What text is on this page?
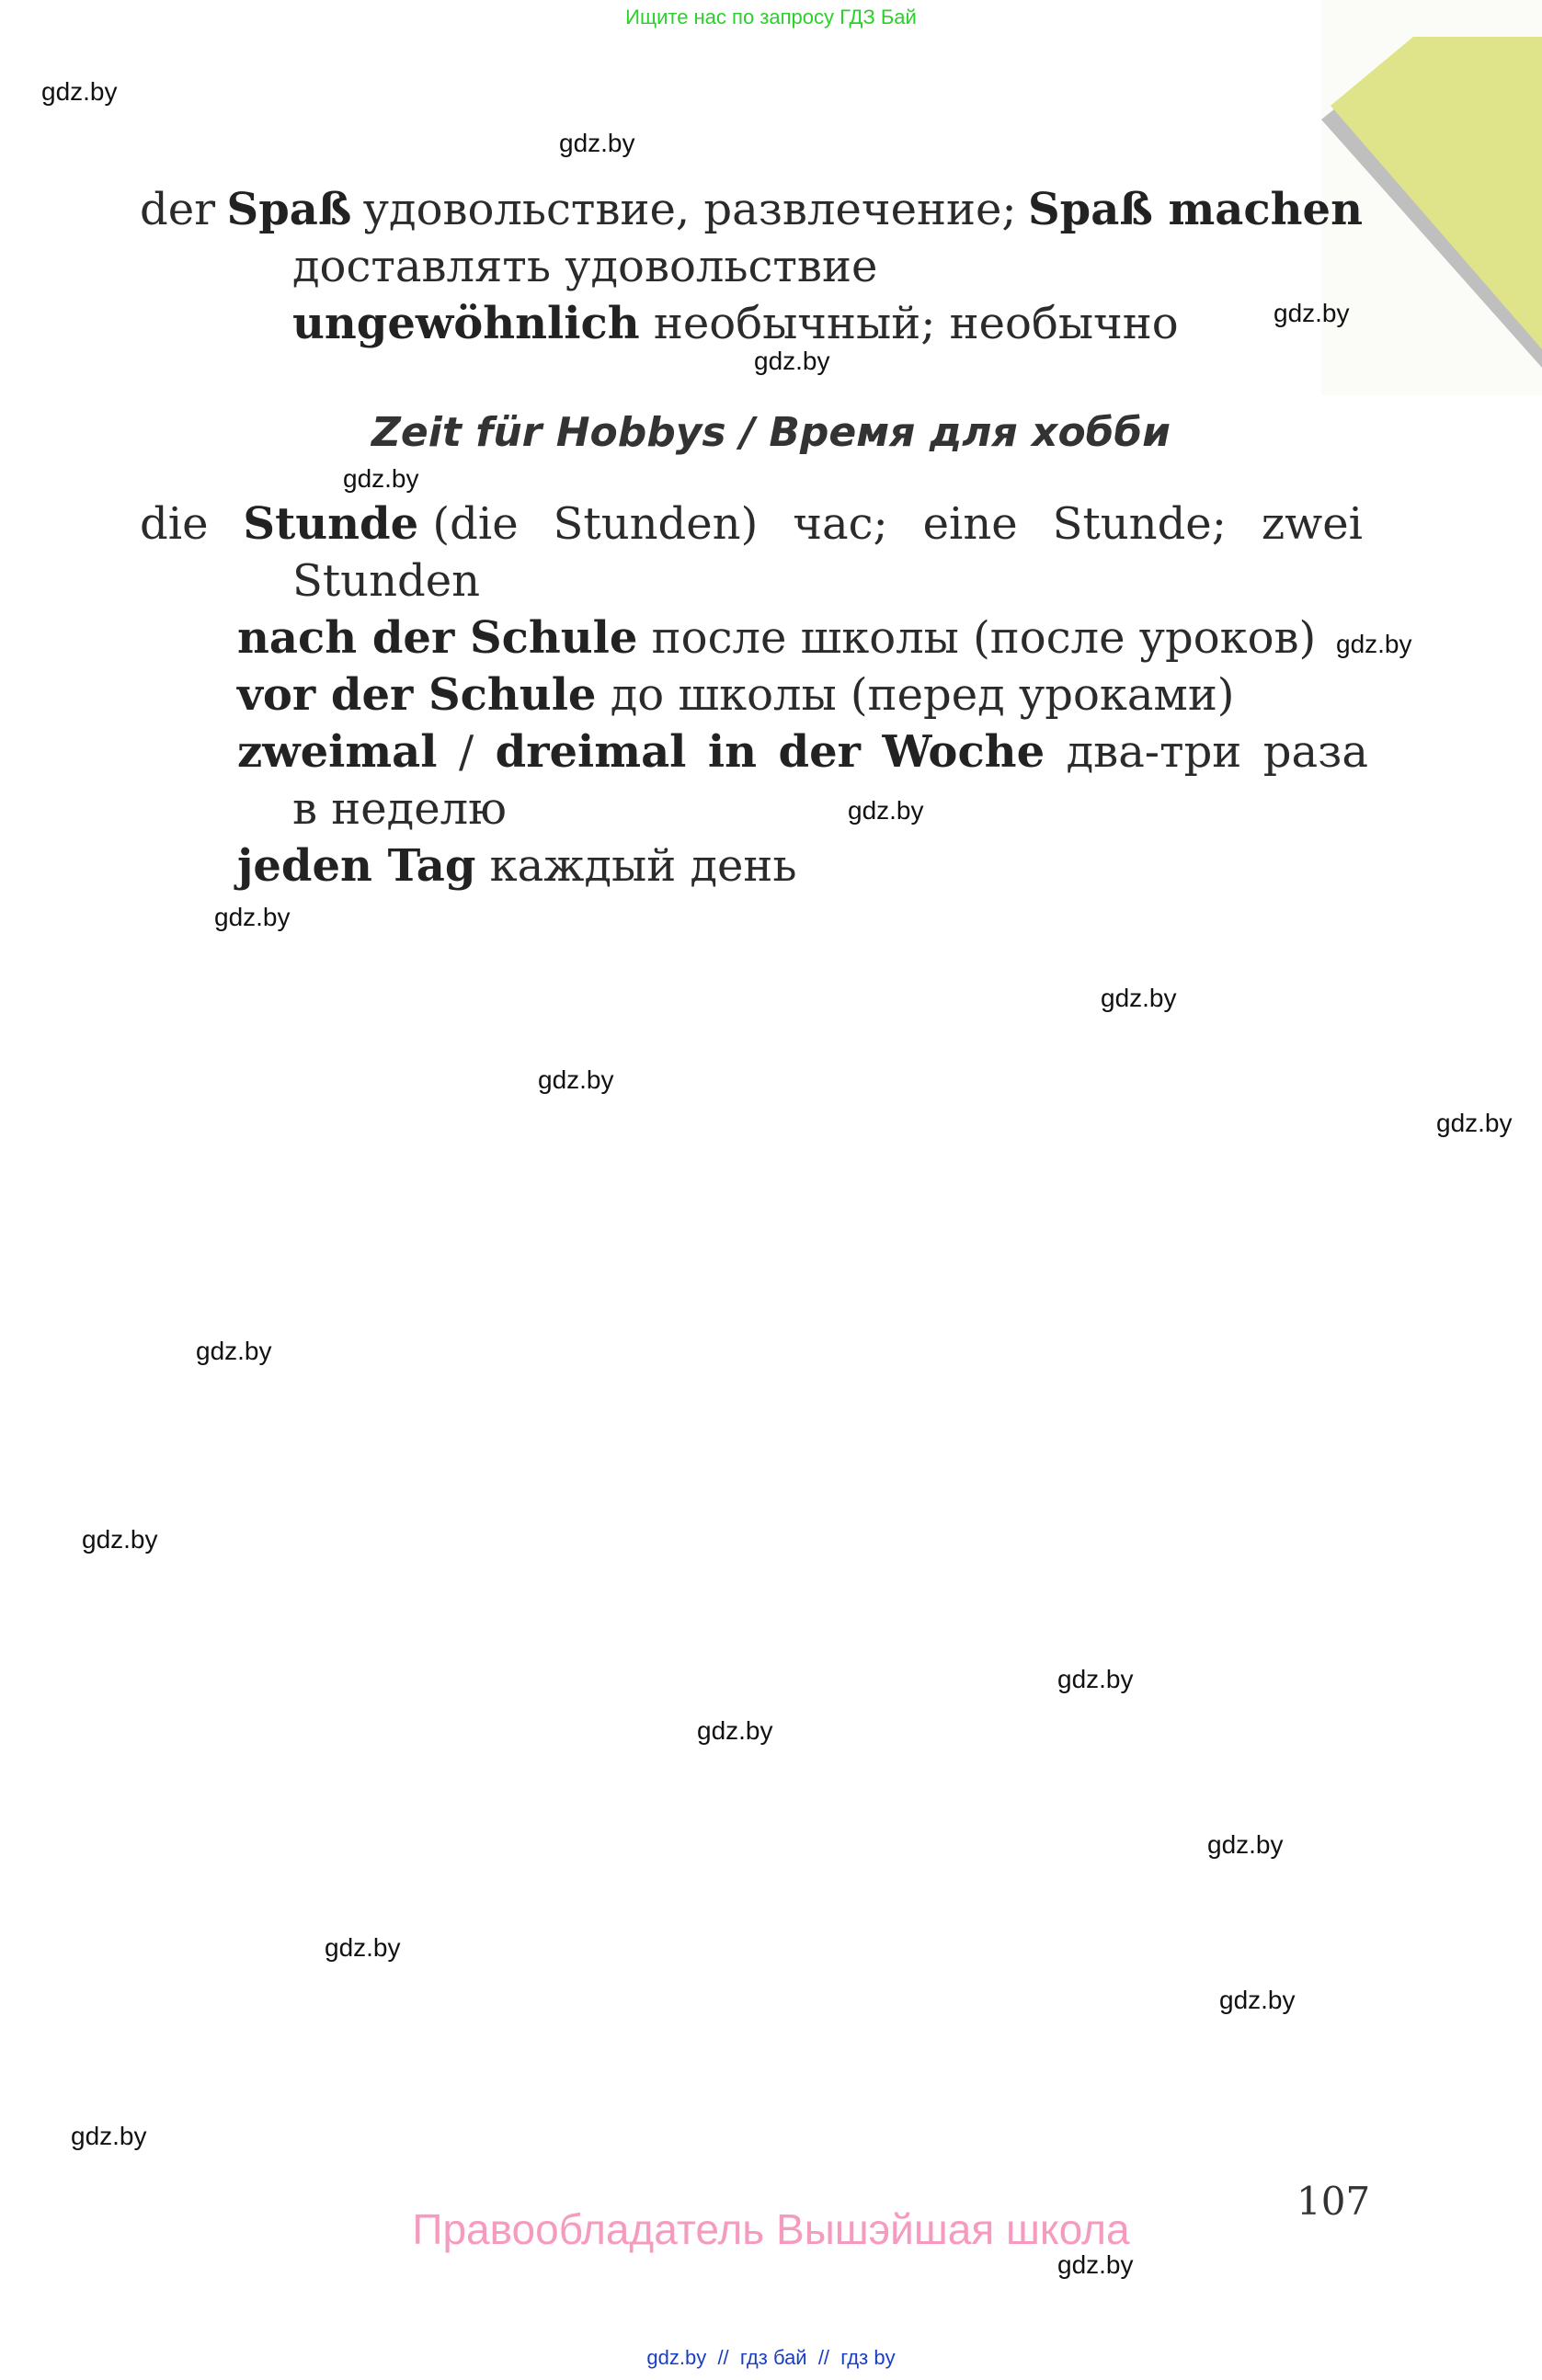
Ищите нас по запросу ГДЗ Бай
der Spaß удовольствие, развлечение; Spaß machen
доставлять удовольствие
ungewöhnlich необычный; необычно
Zeit für Hobbys / Время для хобби
die Stunde (die Stunden) час; eine Stunde; zwei
Stunden
nach der Schule после школы (после уроков)
vor der Schule до школы (перед уроками)
zweimal / dreimal in der Woche два-три раза
в неделю
jeden Tag каждый день
gdz.by
gdz.by
gdz.by
gdz.by
gdz.by
gdz.by
gdz.by
gdz.by
gdz.by
gdz.by
gdz.by
gdz.by
gdz.by
gdz.by
gdz.by
gdz.by
gdz.by
gdz.by
gdz.by
gdz.by
107
Правообладатель Вышэйшая школа
gdz.by  //  гдз бай  //  гдз by
